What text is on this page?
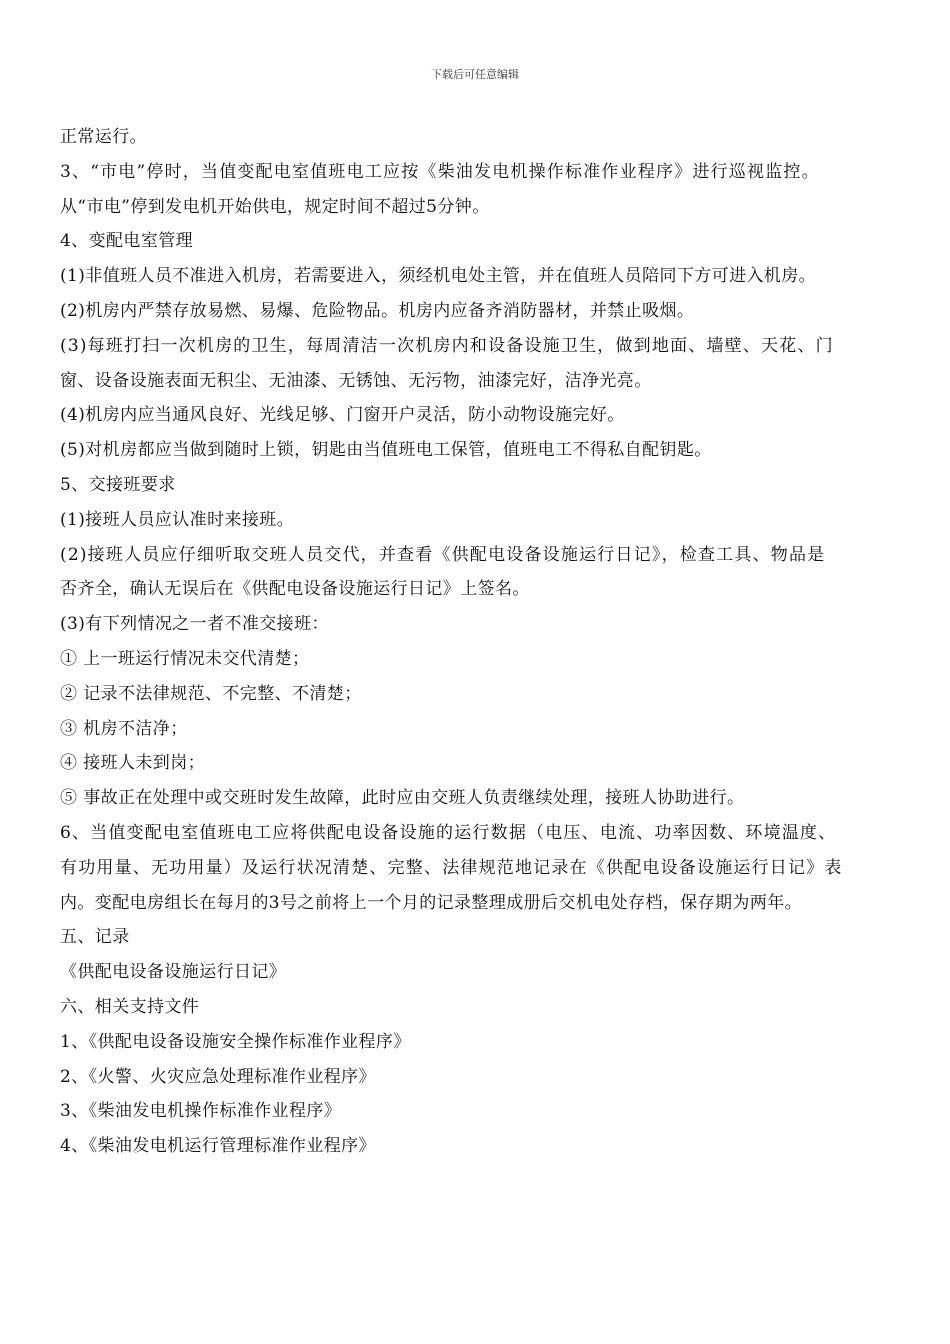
下载后可任意编辑
正常运行。
3、“市电”停时，当值变配电室值班电工应按《柴油发电机操作标准作业程序》进行巡视监控。
从“市电”停到发电机开始供电，规定时间不超过5分钟。
4、变配电室管理
(1)非值班人员不准进入机房，若需要进入，须经机电处主管，并在值班人员陪同下方可进入机房。
(2)机房内严禁存放易燃、易爆、危险物品。机房内应备齐消防器材，并禁止吸烟。
(3)每班打扫一次机房的卫生，每周清洁一次机房内和设备设施卫生，做到地面、墙壁、天花、门
窗、设备设施表面无积尘、无油漆、无锈蚀、无污物，油漆完好，洁净光亮。
(4)机房内应当通风良好、光线足够、门窗开户灵活，防小动物设施完好。
(5)对机房都应当做到随时上锁，钥匙由当值班电工保管，值班电工不得私自配钥匙。
5、交接班要求
(1)接班人员应认准时来接班。
(2)接班人员应仔细听取交班人员交代，并查看《供配电设备设施运行日记》，检查工具、物品是
否齐全，确认无误后在《供配电设备设施运行日记》上签名。
(3)有下列情况之一者不准交接班：
① 上一班运行情况未交代清楚；
② 记录不法律规范、不完整、不清楚；
③ 机房不洁净；
④ 接班人未到岗；
⑤ 事故正在处理中或交班时发生故障，此时应由交班人负责继续处理，接班人协助进行。
6、当值变配电室值班电工应将供配电设备设施的运行数据（电压、电流、功率因数、环境温度、
有功用量、无功用量）及运行状况清楚、完整、法律规范地记录在《供配电设备设施运行日记》表
内。变配电房组长在每月的3号之前将上一个月的记录整理成册后交机电处存档，保存期为两年。
五、记录
《供配电设备设施运行日记》
六、相关支持文件
1、《供配电设备设施安全操作标准作业程序》
2、《火警、火灾应急处理标准作业程序》
3、《柴油发电机操作标准作业程序》
4、《柴油发电机运行管理标准作业程序》
